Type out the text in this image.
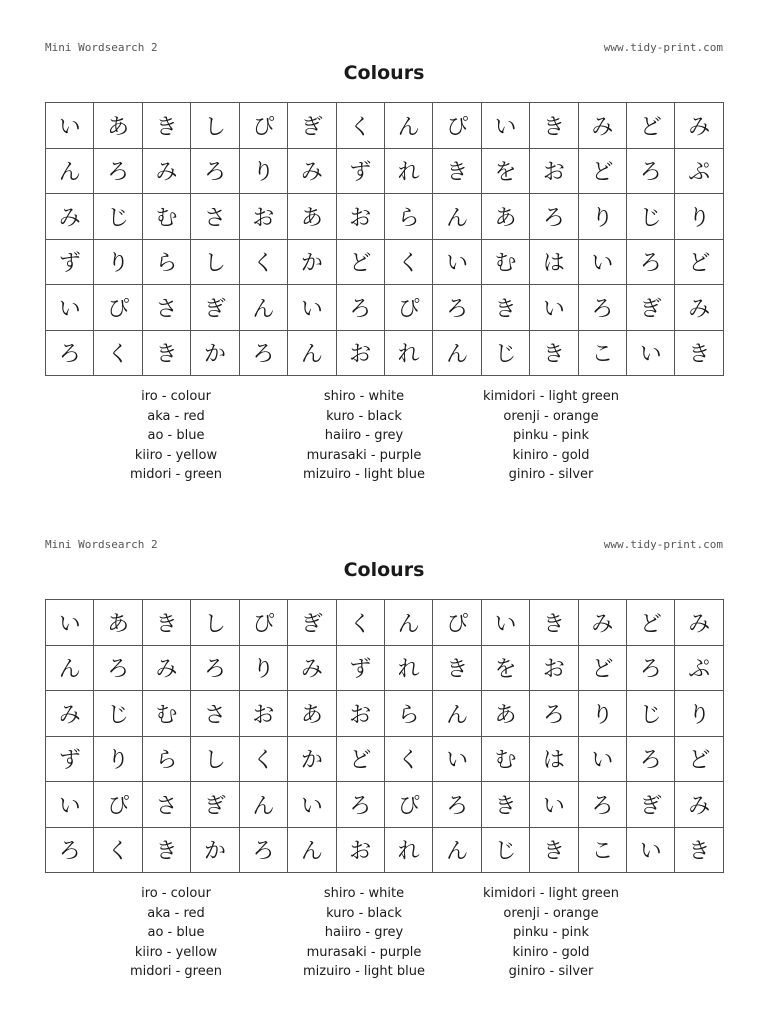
Mini Wordsearch 2	www.tidy-print.com
Colours
い	あ	き	し	ぴ	ぎ	く	ん	ぴ	い	き	み	ど	み
ん	ろ	み	ろ	り	み	ず	れ	き	を	お	ど	ろ	ぷ
み	じ	む	さ	お	あ	お	ら	ん	あ	ろ	り	じ	り
ず	り	ら	し	く	か	ど	く	い	む	は	い	ろ	ど
い	ぴ	さ	ぎ	ん	い	ろ	ぴ	ろ	き	い	ろ	ぎ	み
ろ	く	き	か	ろ	ん	お	れ	ん	じ	き	こ	い	き
iro - colour
aka - red
ao - blue
kiiro - yellow
midori - green
shiro - white
kuro - black
haiiro - grey
murasaki - purple
mizuiro - light blue
kimidori - light green
orenji - orange
pinku - pink
kiniro - gold
giniro - silver
Mini Wordsearch 2	www.tidy-print.com
Colours
い	あ	き	し	ぴ	ぎ	く	ん	ぴ	い	き	み	ど	み
ん	ろ	み	ろ	り	み	ず	れ	き	を	お	ど	ろ	ぷ
み	じ	む	さ	お	あ	お	ら	ん	あ	ろ	り	じ	り
ず	り	ら	し	く	か	ど	く	い	む	は	い	ろ	ど
い	ぴ	さ	ぎ	ん	い	ろ	ぴ	ろ	き	い	ろ	ぎ	み
ろ	く	き	か	ろ	ん	お	れ	ん	じ	き	こ	い	き
iro - colour
aka - red
ao - blue
kiiro - yellow
midori - green
shiro - white
kuro - black
haiiro - grey
murasaki - purple
mizuiro - light blue
kimidori - light green
orenji - orange
pinku - pink
kiniro - gold
giniro - silver
